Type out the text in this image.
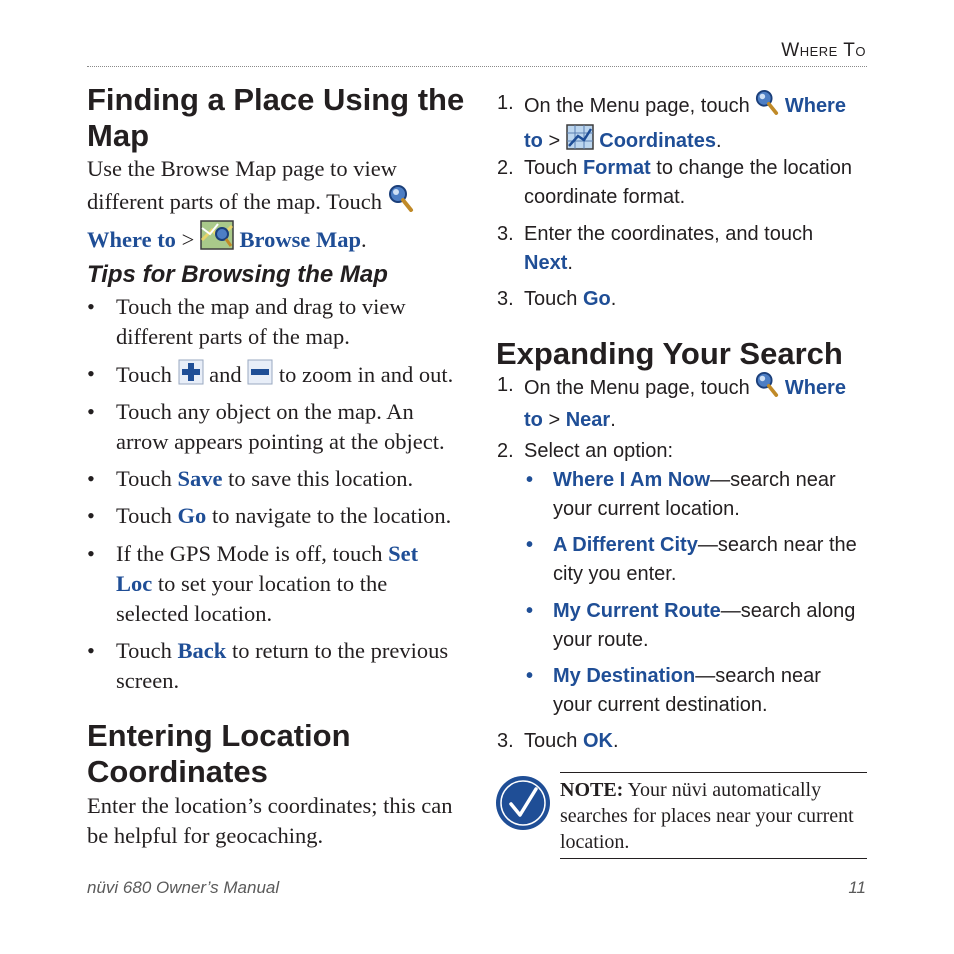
Where To
Finding a Place Using the
Map
Use the Browse Map page to view
different parts of the map. Touch
Where to > Browse Map.
Tips for Browsing the Map
• Touch the map and drag to view
different parts of the map.
• Touch and to zoom in and out.
• Touch any object on the map. An
arrow appears pointing at the object.
• Touch Save to save this location.
• Touch Go to navigate to the location.
• If the GPS Mode is off, touch Set
Loc to set your location to the
selected location.
• Touch Back to return to the previous
screen.
Entering Location
Coordinates
Enter the location’s coordinates; this can
be helpful for geocaching.
1. On the Menu page, touch Where
to > Coordinates.
2. Touch Format to change the location
coordinate format.
3. Enter the coordinates, and touch
Next.
3. Touch Go.
Expanding Your Search
1. On the Menu page, touch Where
to > Near.
2. Select an option:
• Where I Am Now—search near
your current location.
• A Different City—search near the
city you enter.
• My Current Route—search along
your route.
• My Destination—search near
your current destination.
3. Touch OK.
NOTE: Your nüvi automatically
searches for places near your current
location.
nüvi 680 Owner’s Manual	11
